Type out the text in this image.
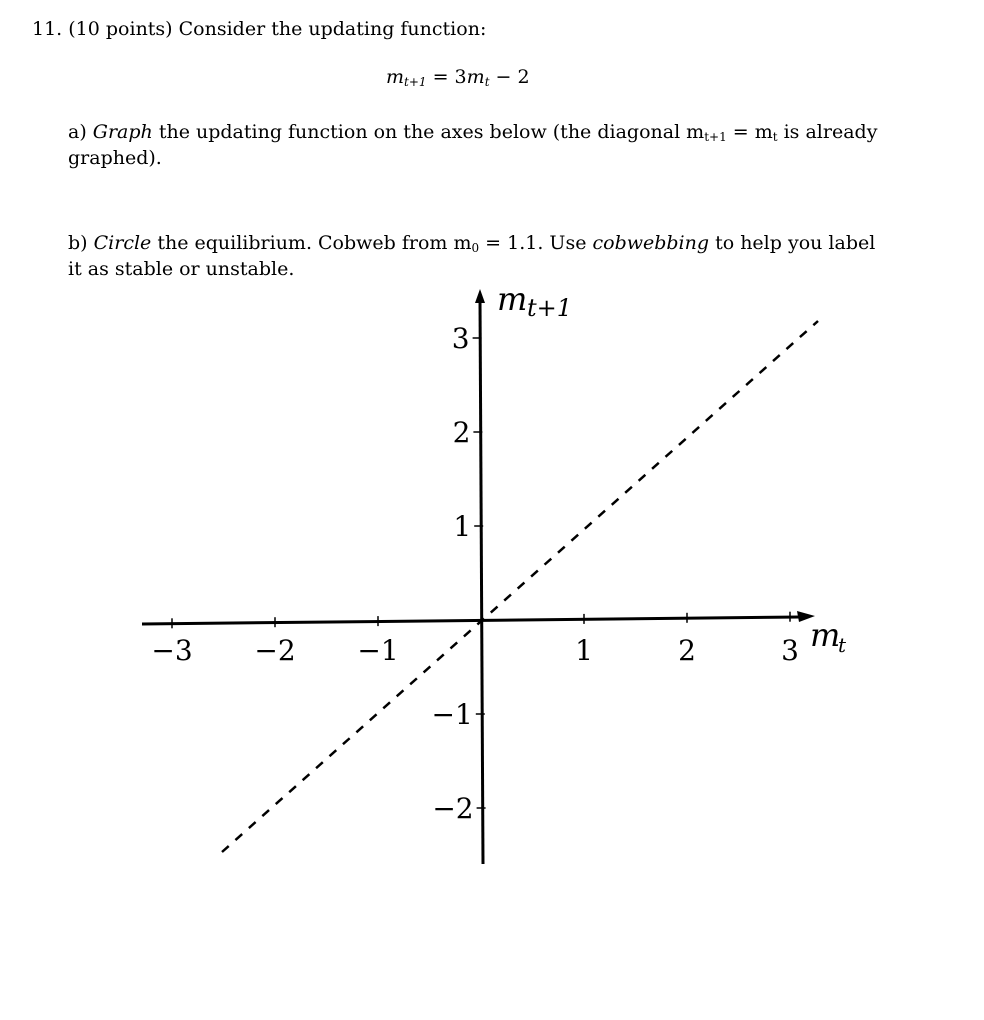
11. (10 points) Consider the updating function:
$m_{t+1} = 3m_t - 2$
a) Graph the updating function on the axes below (the diagonal $m_{t+1} = m_t$ is already
graphed).
b) Circle the equilibrium. Cobweb from $m_0 = 1.1$. Use cobwebbing to help you label
it as stable or unstable.
−3 −2 −1	1	2	3
3
2
1
−1
−2
m
t
m t+1
